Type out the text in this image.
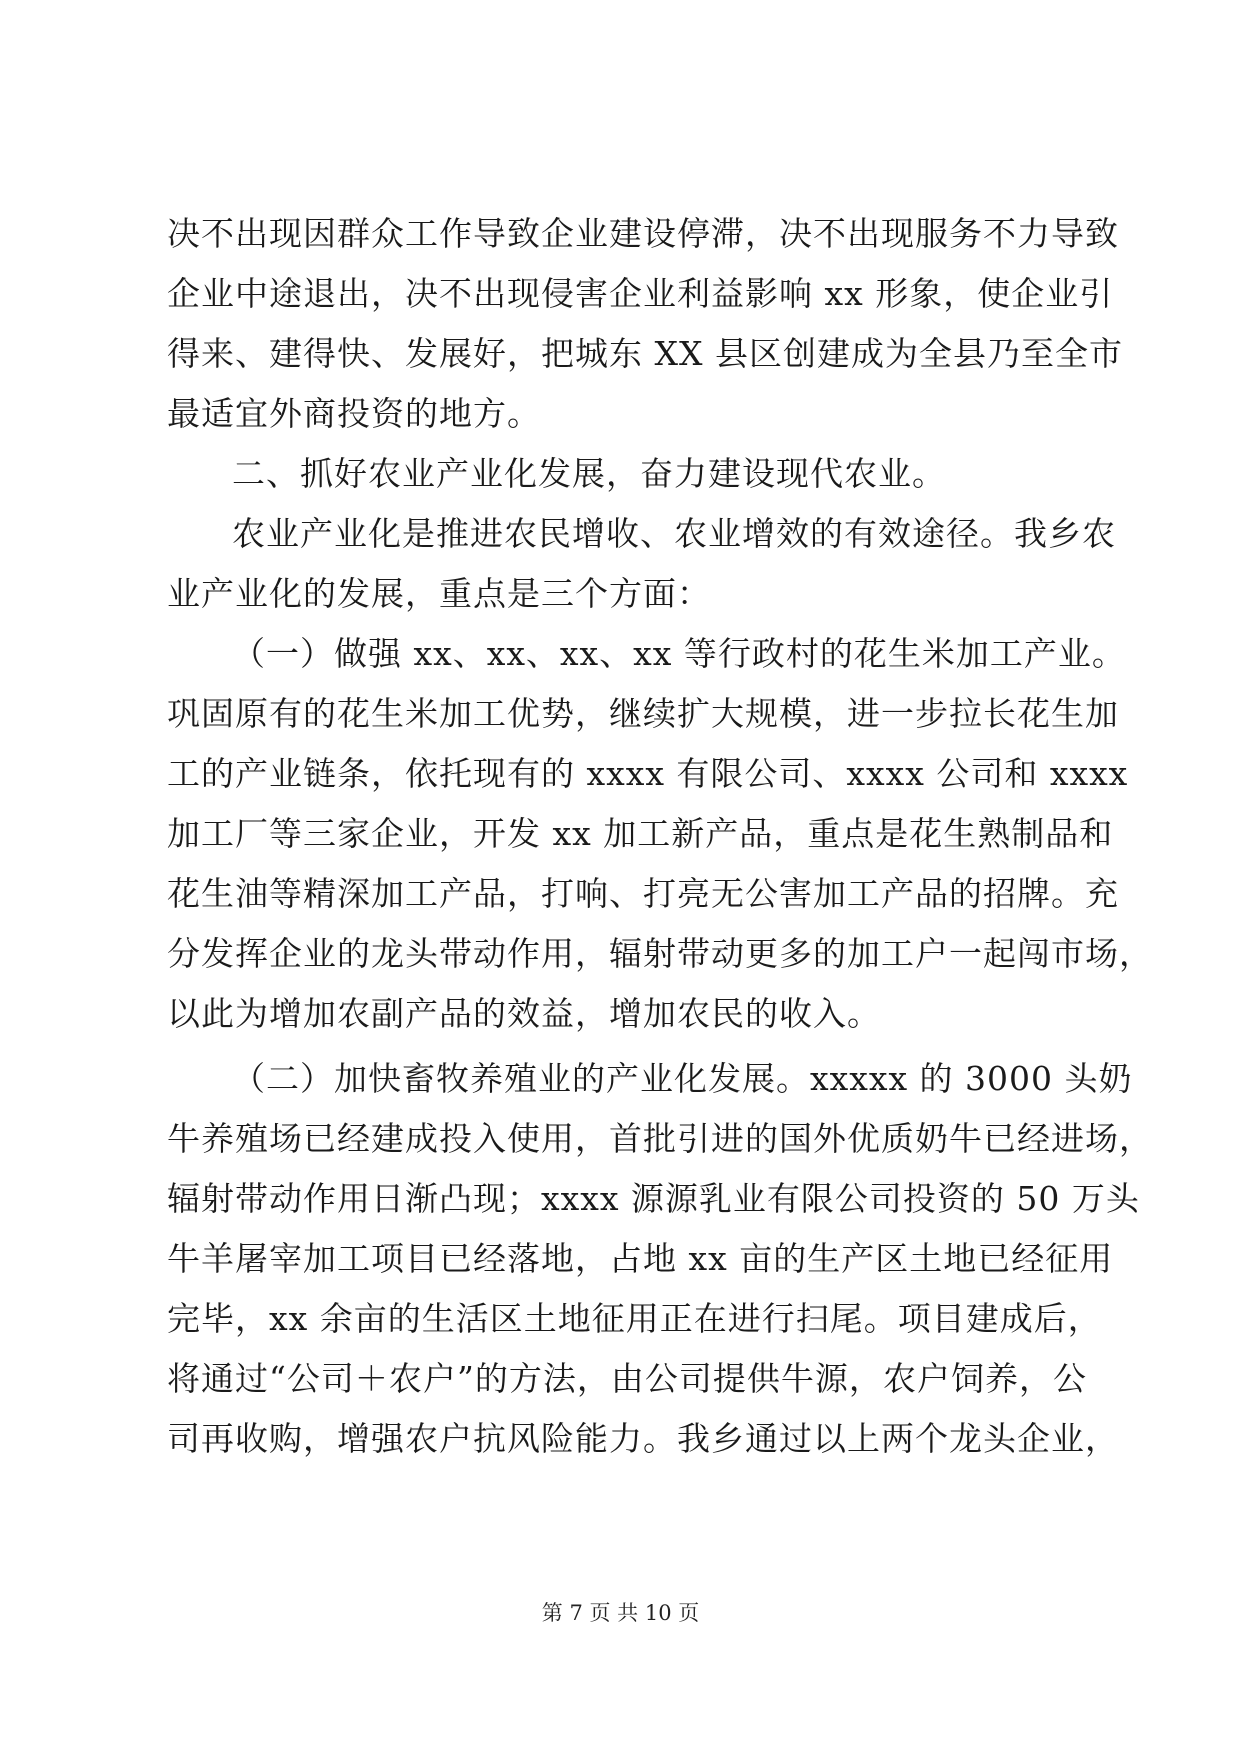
决不出现因群众工作导致企业建设停滞，决不出现服务不力导致
企业中途退出，决不出现侵害企业利益影响 xx 形象，使企业引
得来、建得快、发展好，把城东 XX 县区创建成为全县乃至全市
最适宜外商投资的地方。
二、抓好农业产业化发展，奋力建设现代农业。
农业产业化是推进农民增收、农业增效的有效途径。我乡农
业产业化的发展，重点是三个方面：
（一）做强 xx、xx、xx、xx 等行政村的花生米加工产业。
巩固原有的花生米加工优势，继续扩大规模，进一步拉长花生加
工的产业链条，依托现有的 xxxx 有限公司、xxxx 公司和 xxxx
加工厂等三家企业，开发 xx 加工新产品，重点是花生熟制品和
花生油等精深加工产品，打响、打亮无公害加工产品的招牌。充
分发挥企业的龙头带动作用，辐射带动更多的加工户一起闯市场，
以此为增加农副产品的效益，增加农民的收入。
（二）加快畜牧养殖业的产业化发展。xxxxx 的 3000 头奶
牛养殖场已经建成投入使用，首批引进的国外优质奶牛已经进场，
辐射带动作用日渐凸现；xxxx 源源乳业有限公司投资的 50 万头
牛羊屠宰加工项目已经落地，占地 xx 亩的生产区土地已经征用
完毕，xx 余亩的生活区土地征用正在进行扫尾。项目建成后，
将通过“公司＋农户”的方法，由公司提供牛源，农户饲养，公
司再收购，增强农户抗风险能力。我乡通过以上两个龙头企业，
第 7 页 共 10 页
